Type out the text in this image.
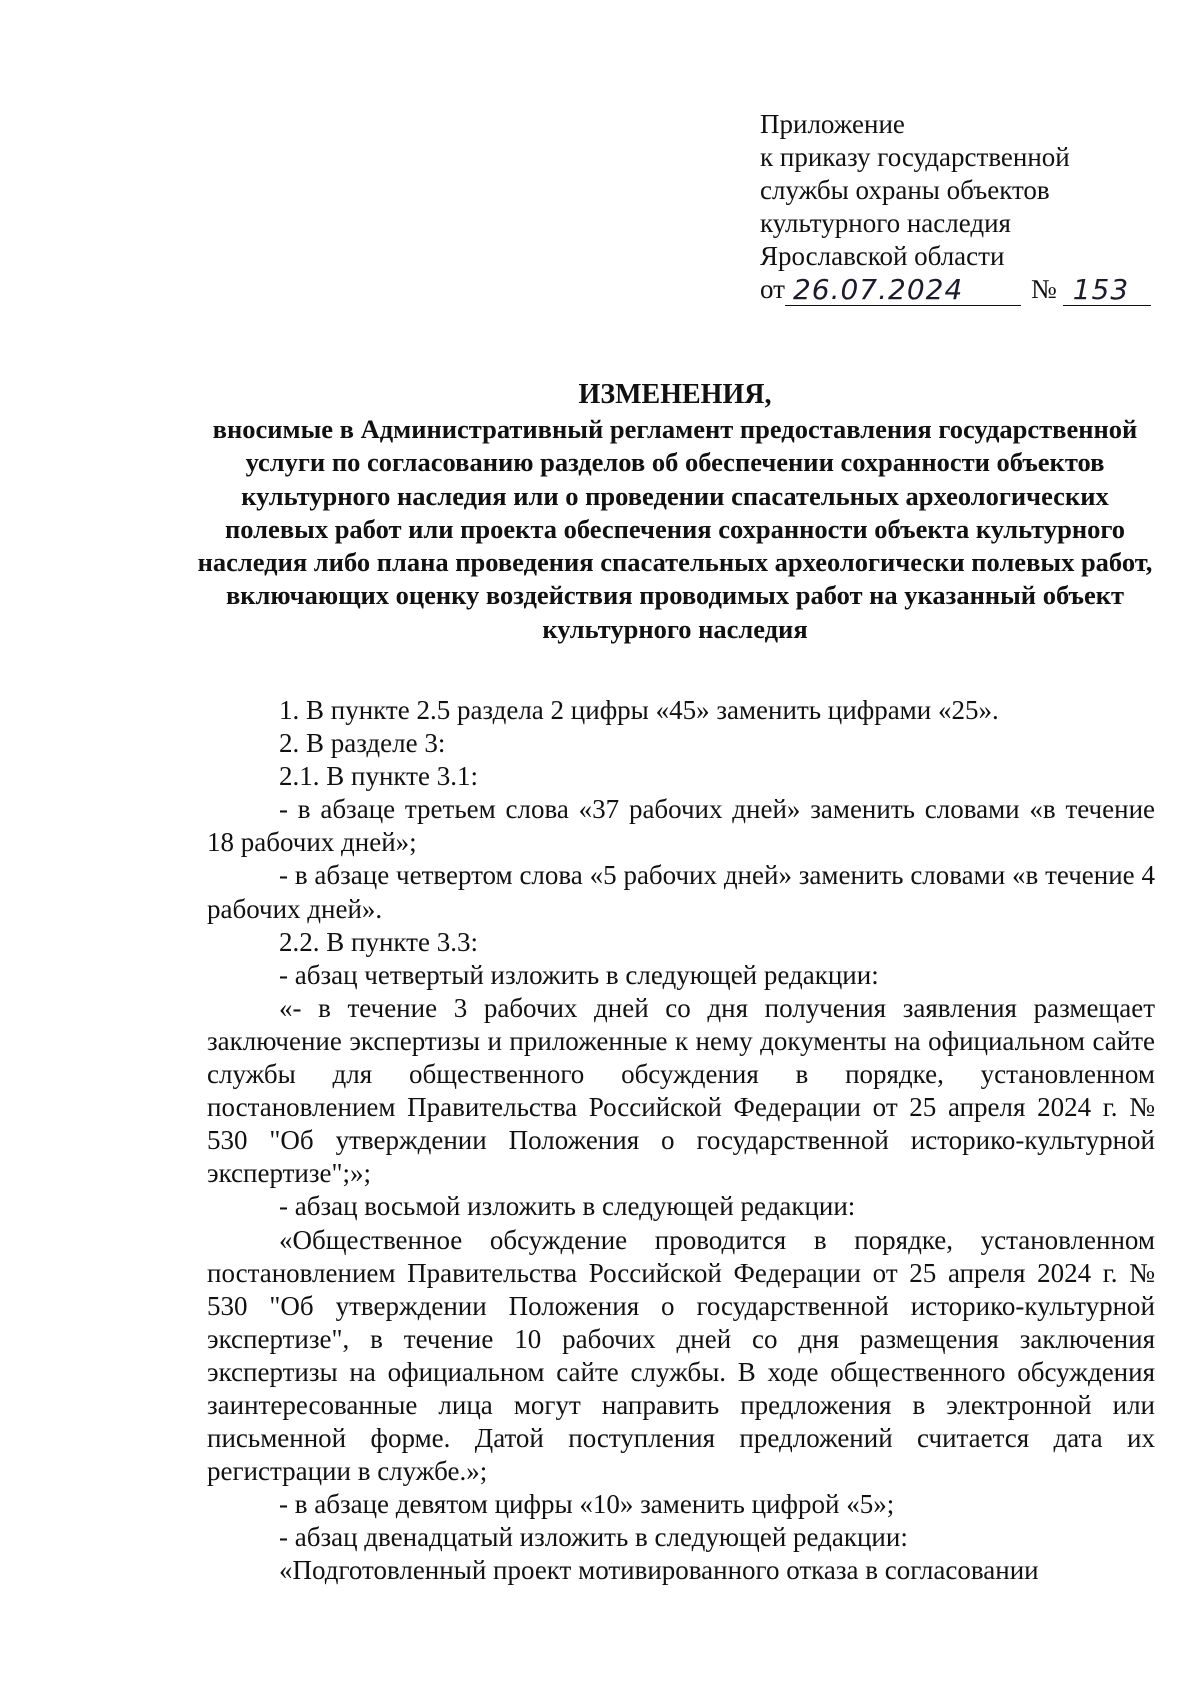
Приложение
к приказу государственной
службы охраны объектов
культурного наследия
Ярославской области
от 26.07.2024	№ 153

ИЗМЕНЕНИЯ,

вносимые в Административный регламент предоставления государственной услуги по согласованию разделов об обеспечении сохранности объектов культурного наследия или о проведении спасательных археологических полевых работ или проекта обеспечения сохранности объекта культурного наследия либо плана проведения спасательных археологически полевых работ, включающих оценку воздействия проводимых работ на указанный объект культурного наследия

1. В пункте 2.5 раздела 2 цифры «45» заменить цифрами «25».

2. В разделе 3:

2.1. В пункте 3.1:

- в абзаце третьем слова «37 рабочих дней» заменить словами «в течение 18 рабочих дней»;

- в абзаце четвертом слова «5 рабочих дней» заменить словами «в течение 4 рабочих дней».

2.2. В пункте 3.3:

- абзац четвертый изложить в следующей редакции:

«- в течение 3 рабочих дней со дня получения заявления размещает заключение экспертизы и приложенные к нему документы на официальном сайте службы для общественного обсуждения в порядке, установленном постановлением Правительства Российской Федерации от 25 апреля 2024 г. № 530 "Об утверждении Положения о государственной историко-культурной экспертизе";»;

- абзац восьмой изложить в следующей редакции:

«Общественное обсуждение проводится в порядке, установленном постановлением Правительства Российской Федерации от 25 апреля 2024 г. № 530 "Об утверждении Положения о государственной историко-культурной экспертизе", в течение 10 рабочих дней со дня размещения заключения экспертизы на официальном сайте службы. В ходе общественного обсуждения заинтересованные лица могут направить предложения в электронной или письменной форме. Датой поступления предложений считается дата их регистрации в службе.»;

- в абзаце девятом цифры «10» заменить цифрой «5»;

- абзац двенадцатый изложить в следующей редакции:

«Подготовленный проект мотивированного отказа в согласовании
